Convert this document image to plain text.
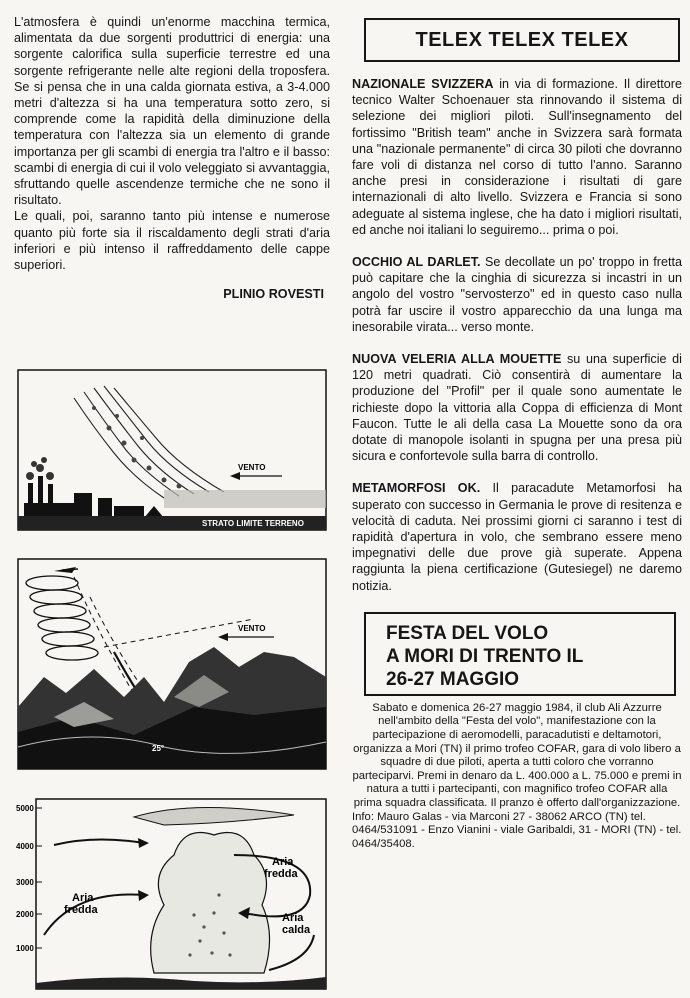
L'atmosfera è quindi un'enorme macchina termica, alimentata da due sorgenti produttrici di energia: una sorgente calorifica sulla superficie terrestre ed una sorgente refrigerante nelle alte regioni della troposfera. Se si pensa che in una calda giornata estiva, a 3-4.000 metri d'altezza si ha una temperatura sotto zero, si comprende come la rapidità della diminuzione della temperatura con l'altezza sia un elemento di grande importanza per gli scambi di energia tra l'altro e il basso: scambi di energia di cui il volo veleggiato si avvantaggia, sfruttando quelle ascendenze termiche che ne sono il risultato.

Le quali, poi, saranno tanto più intense e numerose quanto più forte sia il riscaldamento degli strati d'aria inferiori e più intenso il raffreddamento delle cappe superiori.

PLINIO ROVESTI

VENTO
STRATO LIMITE TERRENO
VENTO
25°
5000
4000
3000
2000
1000
Aria
fredda
Aria
fredda
Aria
calda
TELEX TELEX TELEX

NAZIONALE SVIZZERA in via di formazione. Il direttore tecnico Walter Schoenauer sta rinnovando il sistema di selezione dei migliori piloti. Sull'insegnamento del fortissimo "British team" anche in Svizzera sarà formata una "nazionale permanente" di circa 30 piloti che dovranno fare voli di distanza nel corso di tutto l'anno. Saranno anche presi in considerazione i risultati di gare internazionali di alto livello. Svizzera e Francia si sono adeguate al sistema inglese, che ha dato i migliori risultati, ed anche noi italiani lo seguiremo... prima o poi.

OCCHIO AL DARLET. Se decollate un po' troppo in fretta può capitare che la cinghia di sicurezza si incastri in un angolo del vostro "servosterzo" ed in questo caso nulla potrà far uscire il vostro apparecchio da una lunga ma inesorabile virata... verso monte.

NUOVA VELERIA ALLA MOUETTE su una superficie di 120 metri quadrati. Ciò consentirà di aumentare la produzione del "Profil" per il quale sono aumentate le richieste dopo la vittoria alla Coppa di efficienza di Mont Faucon. Tutte le ali della casa La Mouette sono da ora dotate di manopole isolanti in spugna per una presa più sicura e confortevole sulla barra di controllo.

METAMORFOSI OK. Il paracadute Metamorfosi ha superato con successo in Germania le prove di resitenza e velocità di caduta. Nei prossimi giorni ci saranno i test di rapidità d'apertura in volo, che sembrano essere meno impegnativi delle due prove già superate. Appena raggiunta la piena certificazione (Gutesiegel) ne daremo notizia.

FESTA DEL VOLO
A MORI DI TRENTO IL
26-27 MAGGIO

Sabato e domenica 26-27 maggio 1984, il club Ali Azzurre nell'ambito della "Festa del volo", manifestazione con la partecipazione di aeromodelli, paracadutisti e deltamotori, organizza a Mori (TN) il primo trofeo COFAR, gara di volo libero a squadre di due piloti, aperta a tutti coloro che vorranno parteciparvi. Premi in denaro da L. 400.000 a L. 75.000 e premi in natura a tutti i partecipanti, con magnifico trofeo COFAR alla prima squadra classificata. Il pranzo è offerto dall'organizzazione.

Info: Mauro Galas - via Marconi 27 - 38062 ARCO (TN) tel. 0464/531091 - Enzo Vianini - viale Garibaldi, 31 - MORI (TN) - tel. 0464/35408.
